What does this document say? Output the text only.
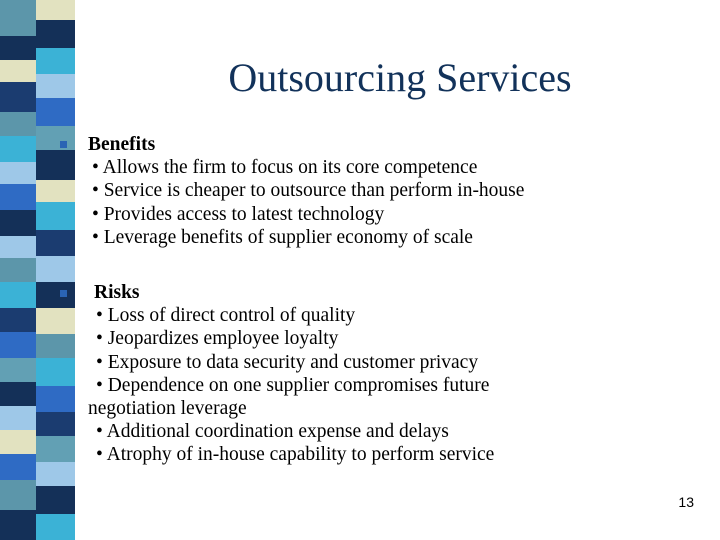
Outsourcing Services
Benefits
• Allows the firm to focus on its core competence
• Service is cheaper to outsource than perform in-house
• Provides access to latest technology
• Leverage benefits of supplier economy of scale
Risks
• Loss of direct control of quality
• Jeopardizes employee loyalty
• Exposure to data security and customer privacy
• Dependence on one supplier compromises future
negotiation leverage
• Additional coordination expense and delays
• Atrophy of in-house capability to perform service
13
